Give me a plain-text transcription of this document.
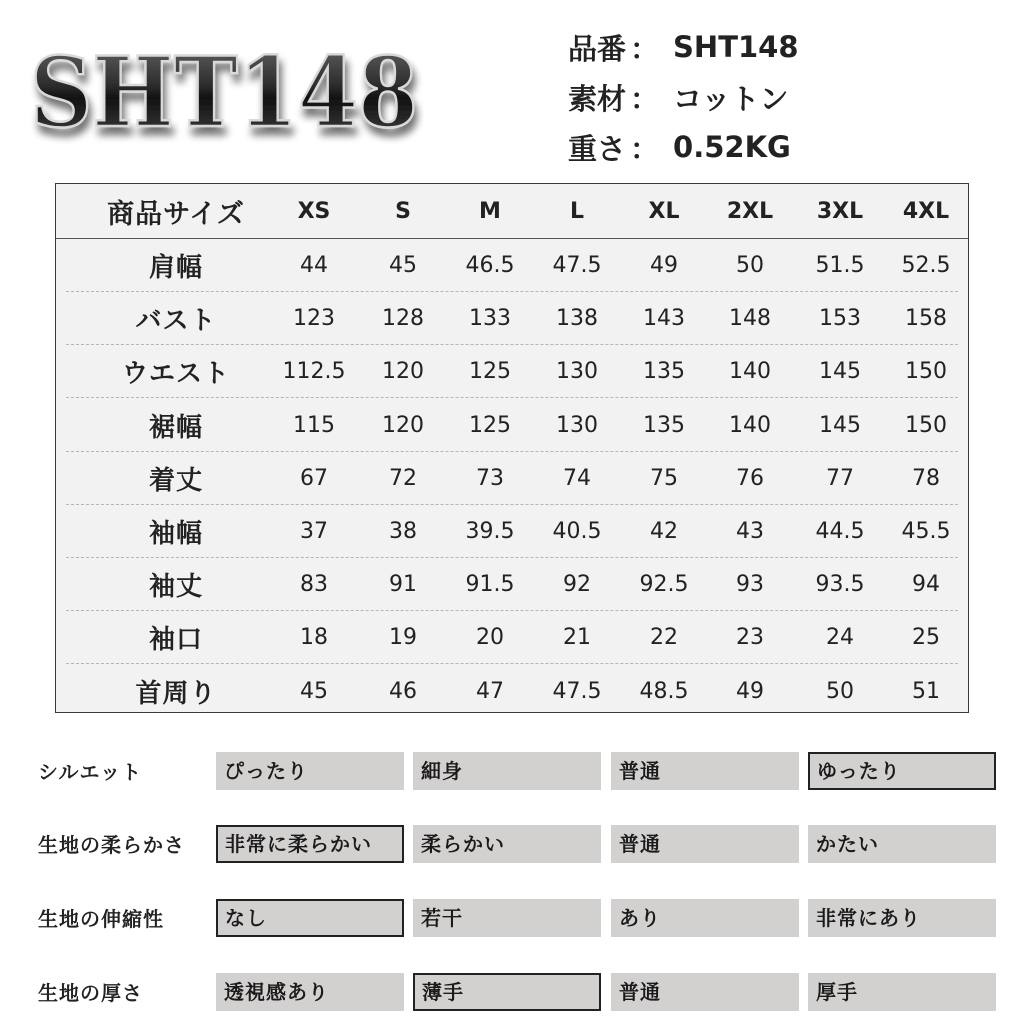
SHT148	品番 ： SHT148
素材 ： コットン
重さ ： 0.52KG
商品サイズ	XS	S	M	L	XL	2XL	3XL	4XL
肩幅	44	45	46.5	47.5	49	50	51.5	52.5
バスト	123	128	133	138	143	148	153	158
ウエスト	112.5	120	125	130	135	140	145	150
裾幅	115	120	125	130	135	140	145	150
着丈	67	72	73	74	75	76	77	78
袖幅	37	38	39.5	40.5	42	43	44.5	45.5
袖丈	83	91	91.5	92	92.5	93	93.5	94
袖口	18	19	20	21	22	23	24	25
首周り	45	46	47	47.5	48.5	49	50	51
シルエット	ぴったり	細身	普通	ゆったり
生地の柔らかさ	非常に柔らかい	柔らかい	普通	かたい
生地の伸縮性	なし	若干	あり	非常にあり
生地の厚さ	透視感あり	薄手	普通	厚手
